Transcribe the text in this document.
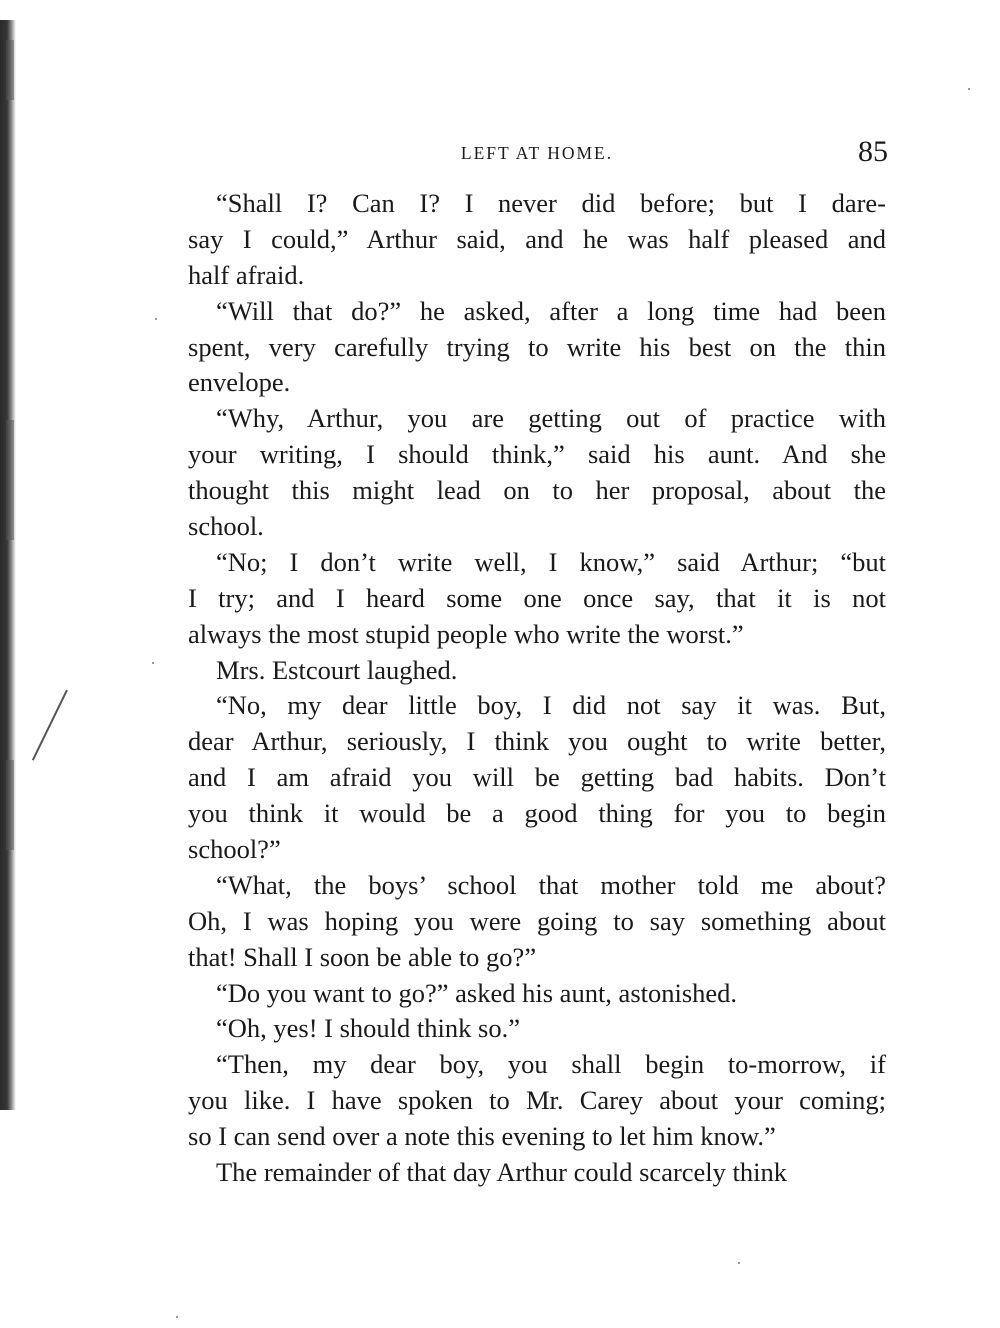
LEFT AT HOME.	85
“Shall I? Can I? I never did before; but I dare-
say I could,” Arthur said, and he was half pleased and
half afraid.
“Will that do?” he asked, after a long time had been
spent, very carefully trying to write his best on the thin
envelope.
“Why, Arthur, you are getting out of practice with
your writing, I should think,” said his aunt. And she
thought this might lead on to her proposal, about the
school.
“No; I don’t write well, I know,” said Arthur; “but
I try; and I heard some one once say, that it is not
always the most stupid people who write the worst.”
Mrs. Estcourt laughed.
“No, my dear little boy, I did not say it was. But,
dear Arthur, seriously, I think you ought to write better,
and I am afraid you will be getting bad habits. Don’t
you think it would be a good thing for you to begin
school?”
“What, the boys’ school that mother told me about?
Oh, I was hoping you were going to say something about
that! Shall I soon be able to go?”
“Do you want to go?” asked his aunt, astonished.
“Oh, yes! I should think so.”
“Then, my dear boy, you shall begin to-morrow, if
you like. I have spoken to Mr. Carey about your coming;
so I can send over a note this evening to let him know.”
The remainder of that day Arthur could scarcely think
